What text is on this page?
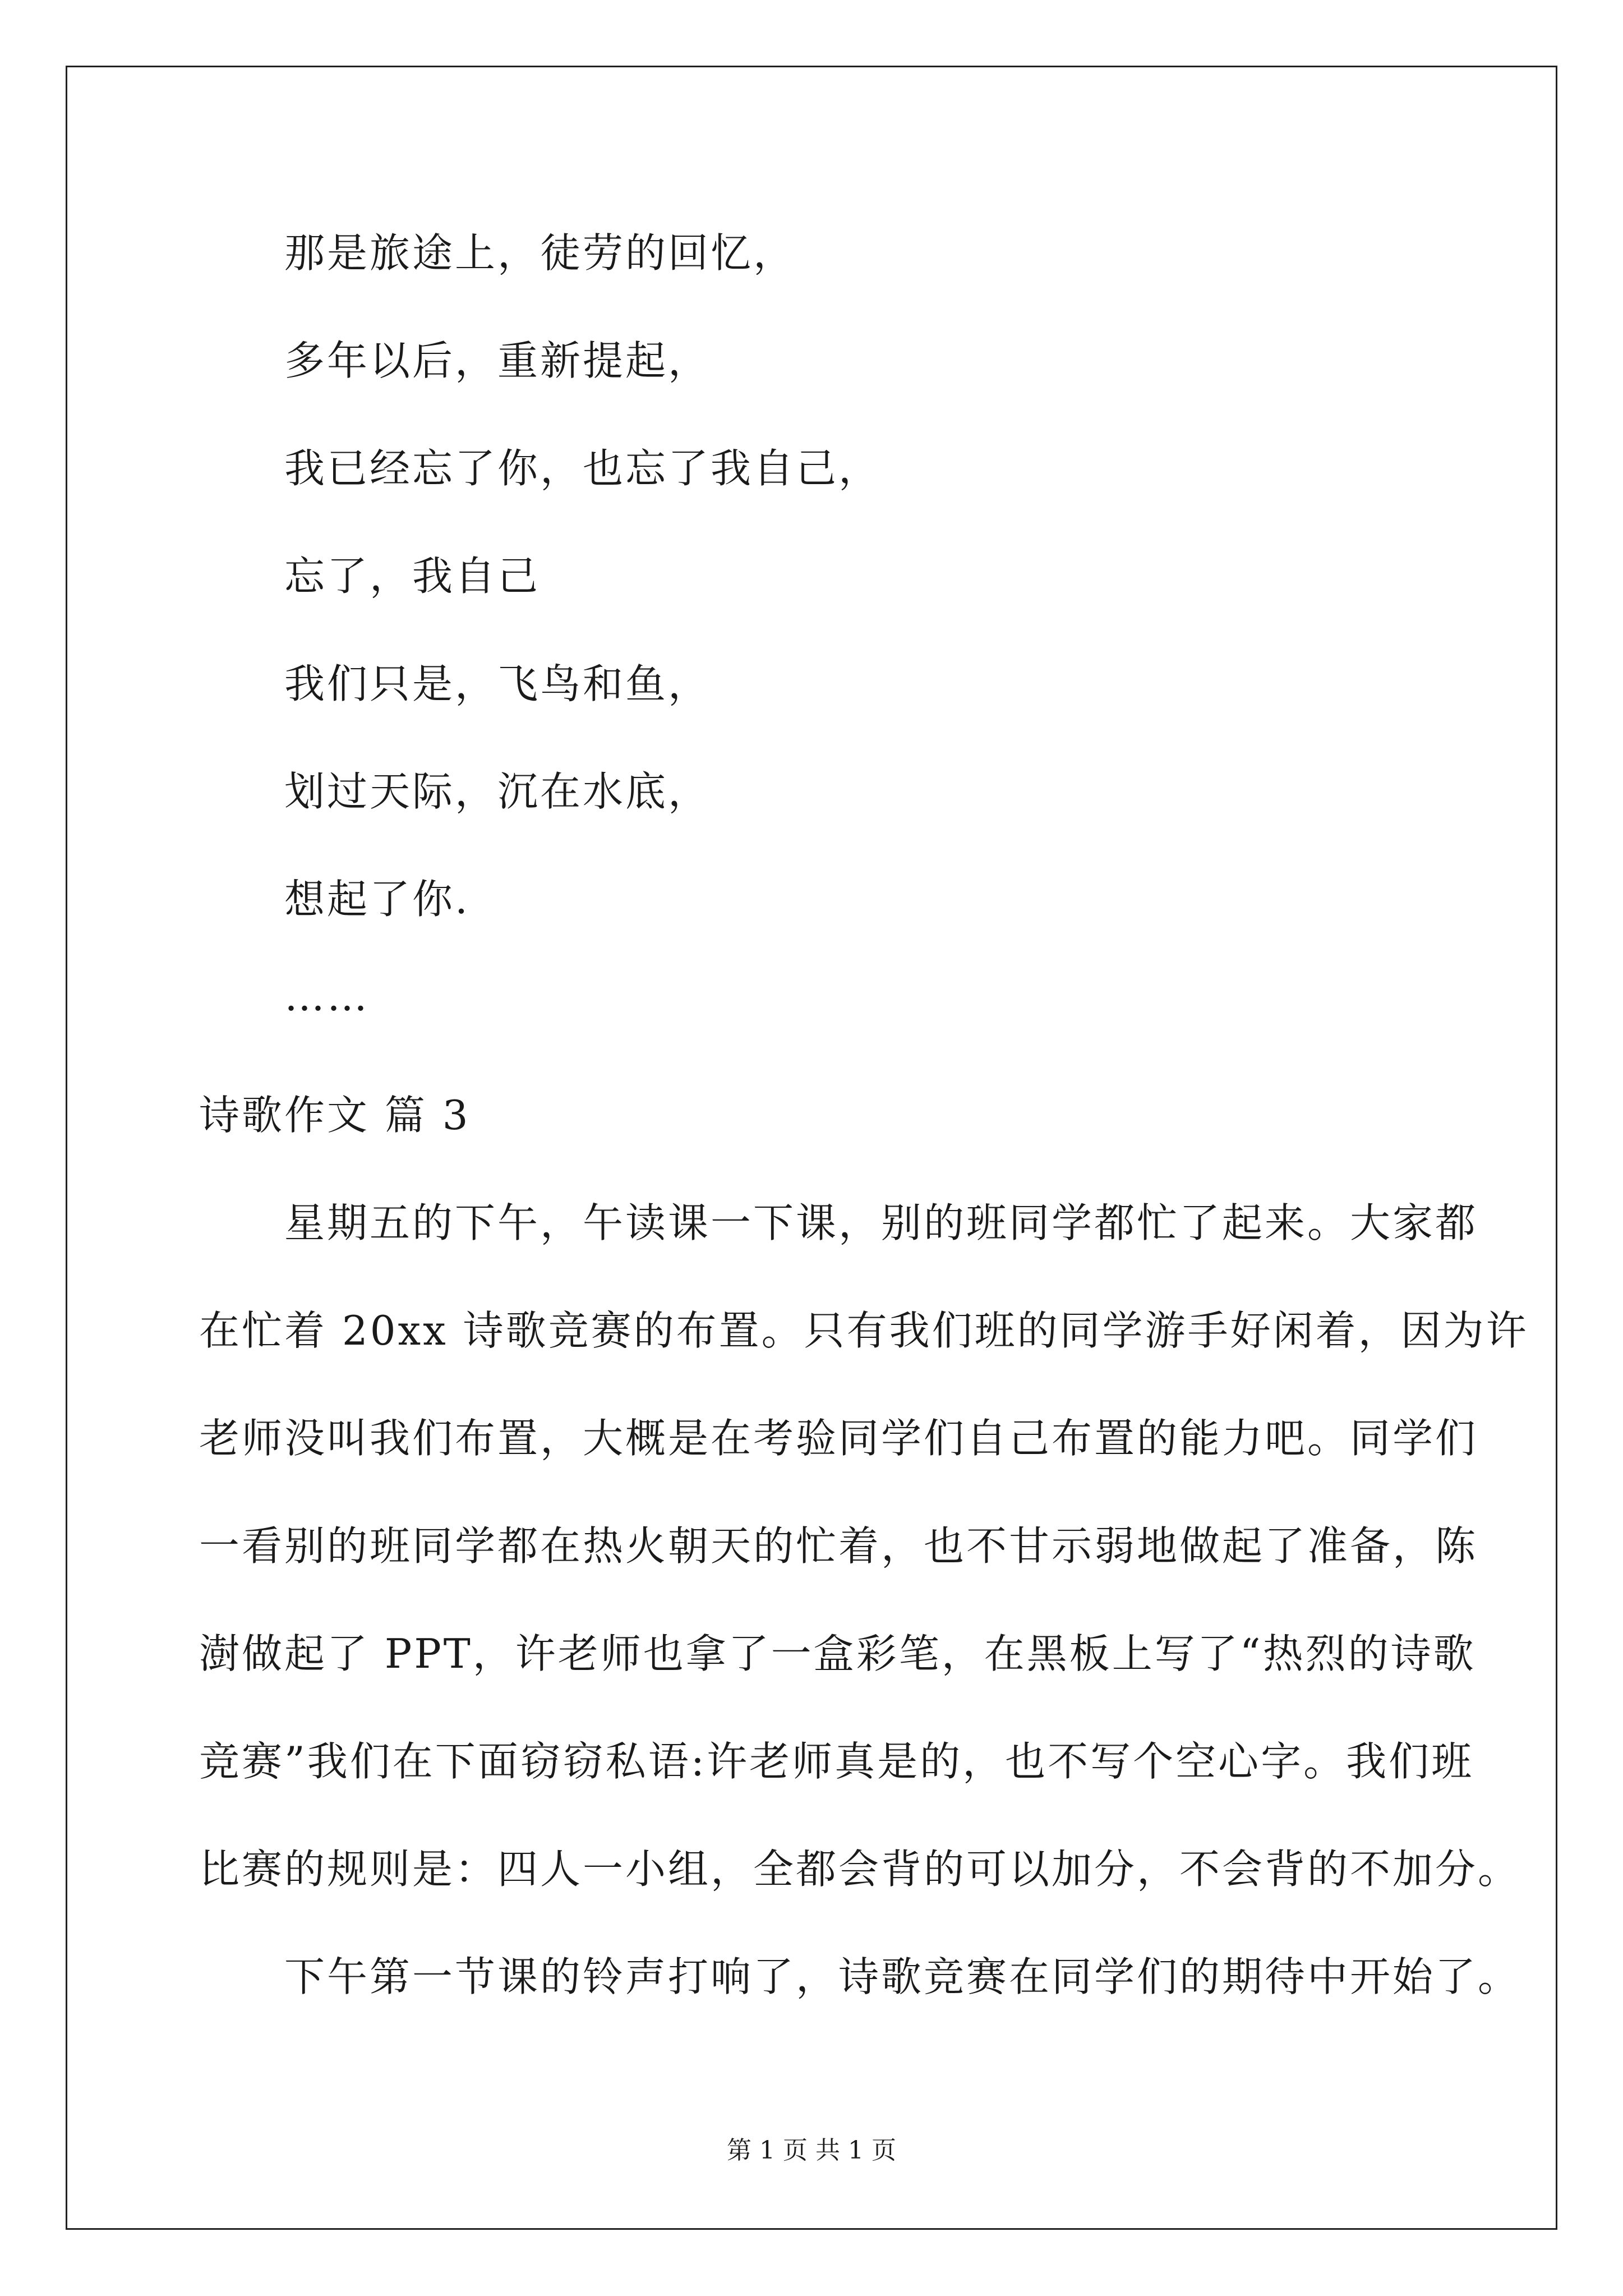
那是旅途上，徒劳的回忆，
多年以后，重新提起，
我已经忘了你，也忘了我自己，
忘了，我自己
我们只是，飞鸟和鱼，
划过天际，沉在水底，
想起了你.
……
诗歌作文 篇 3
星期五的下午，午读课一下课，别的班同学都忙了起来。大家都
在忙着 20xx 诗歌竞赛的布置。只有我们班的同学游手好闲着，因为许
老师没叫我们布置，大概是在考验同学们自己布置的能力吧。同学们
一看别的班同学都在热火朝天的忙着，也不甘示弱地做起了准备，陈
澍做起了 PPT，许老师也拿了一盒彩笔，在黑板上写了“热烈的诗歌
竞赛”我们在下面窃窃私语:许老师真是的，也不写个空心字。我们班
比赛的规则是：四人一小组，全都会背的可以加分，不会背的不加分。
下午第一节课的铃声打响了，诗歌竞赛在同学们的期待中开始了。
第 1 页 共 1 页
